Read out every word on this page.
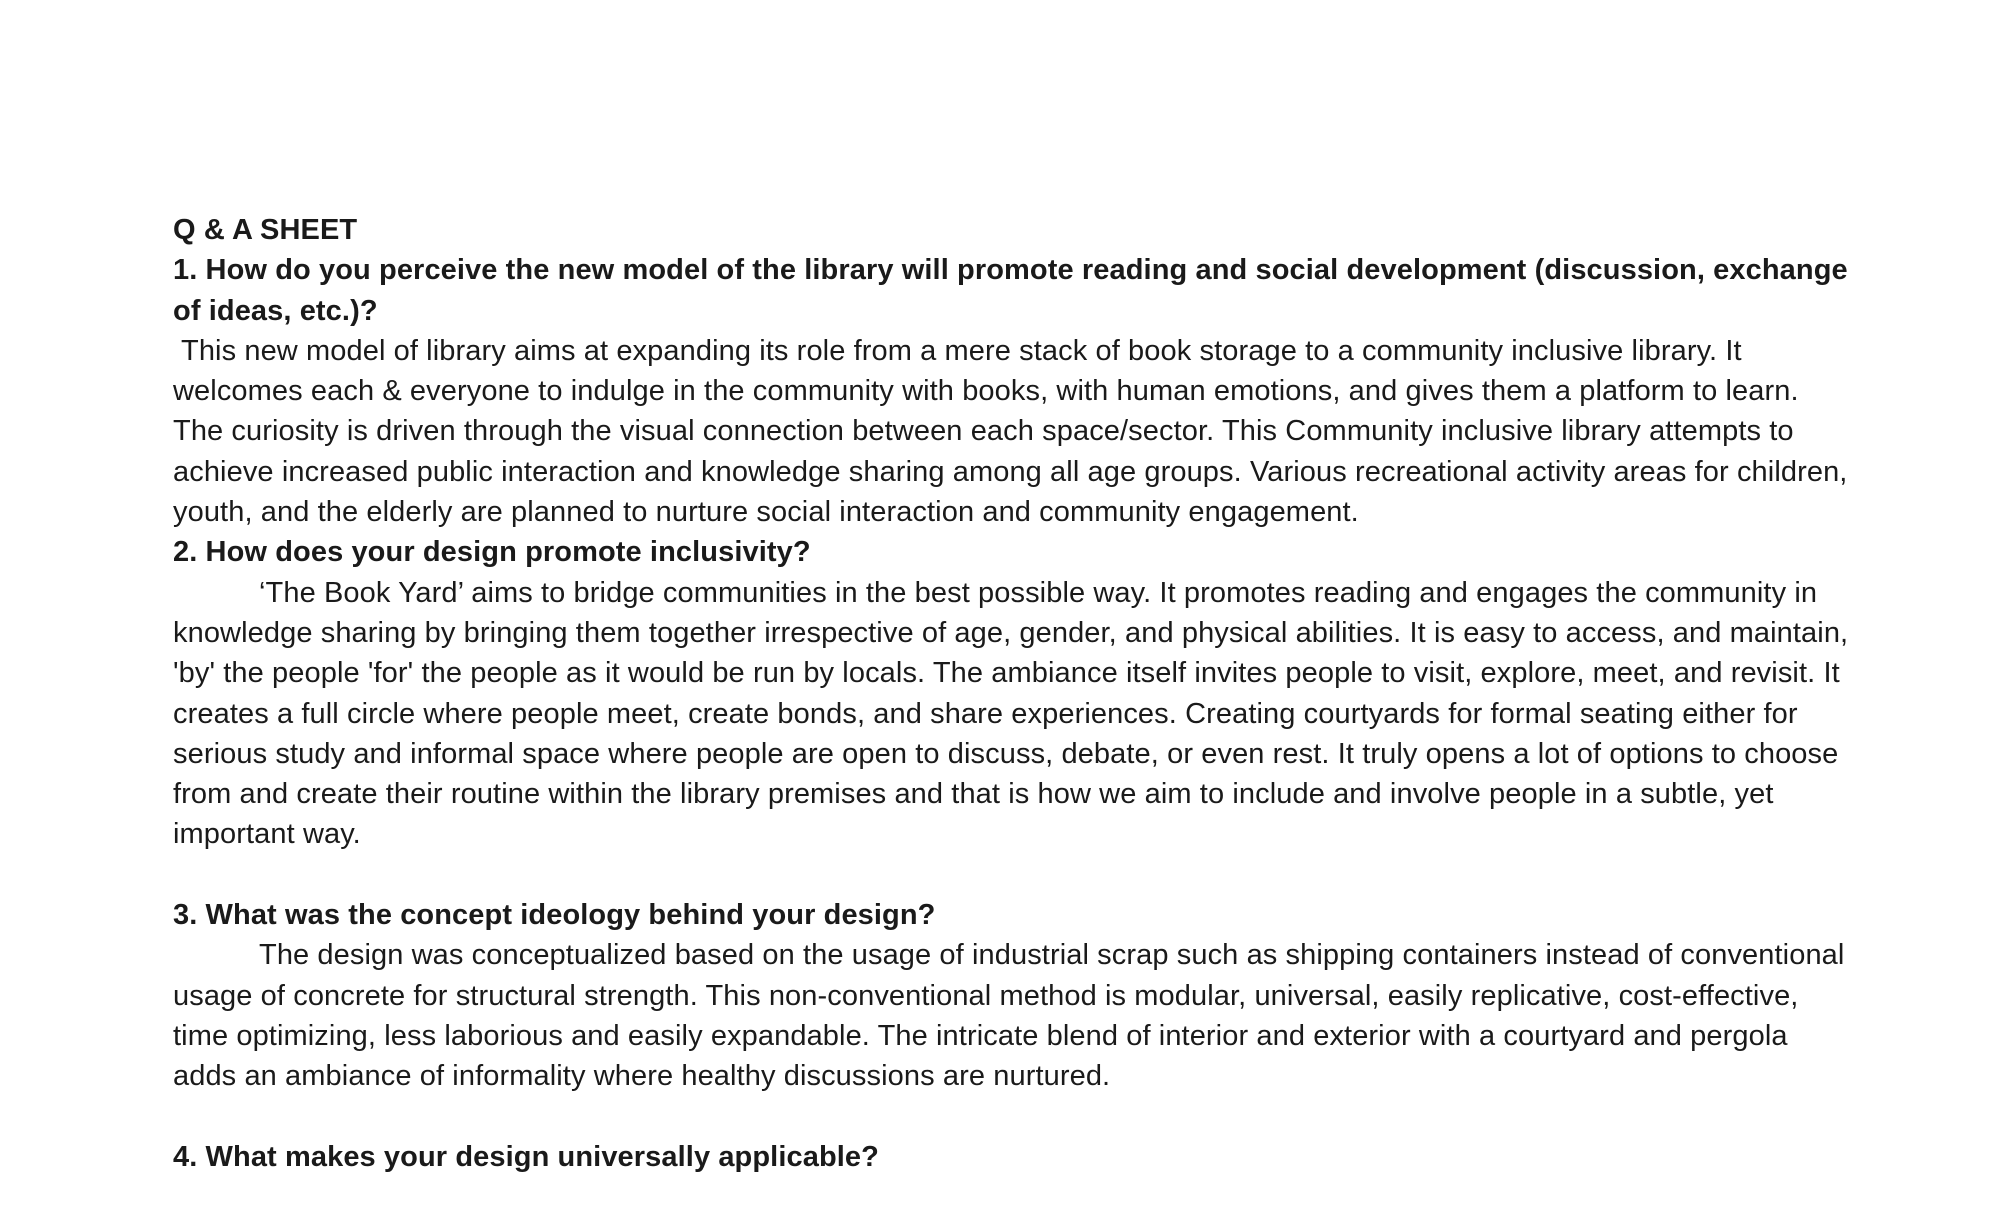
Q & A SHEET

1. How do you perceive the new model of the library will promote reading and social development (discussion, exchange of ideas, etc.)?

This new model of library aims at expanding its role from a mere stack of book storage to a community inclusive library. It welcomes each & everyone to indulge in the community with books, with human emotions, and gives them a platform to learn. The curiosity is driven through the visual connection between each space/sector. This Community inclusive library attempts to achieve increased public interaction and knowledge sharing among all age groups. Various recreational activity areas for children, youth, and the elderly are planned to nurture social interaction and community engagement.

2. How does your design promote inclusivity?

‘The Book Yard’ aims to bridge communities in the best possible way. It promotes reading and engages the community in knowledge sharing by bringing them together irrespective of age, gender, and physical abilities. It is easy to access, and maintain, 'by' the people 'for' the people as it would be run by locals. The ambiance itself invites people to visit, explore, meet, and revisit. It creates a full circle where people meet, create bonds, and share experiences. Creating courtyards for formal seating either for serious study and informal space where people are open to discuss, debate, or even rest. It truly opens a lot of options to choose from and create their routine within the library premises and that is how we aim to include and involve people in a subtle, yet important way.

3. What was the concept ideology behind your design?

The design was conceptualized based on the usage of industrial scrap such as shipping containers instead of conventional usage of concrete for structural strength. This non-conventional method is modular, universal, easily replicative, cost-effective, time optimizing, less laborious and easily expandable. The intricate blend of interior and exterior with a courtyard and pergola adds an ambiance of informality where healthy discussions are nurtured.

4. What makes your design universally applicable?
